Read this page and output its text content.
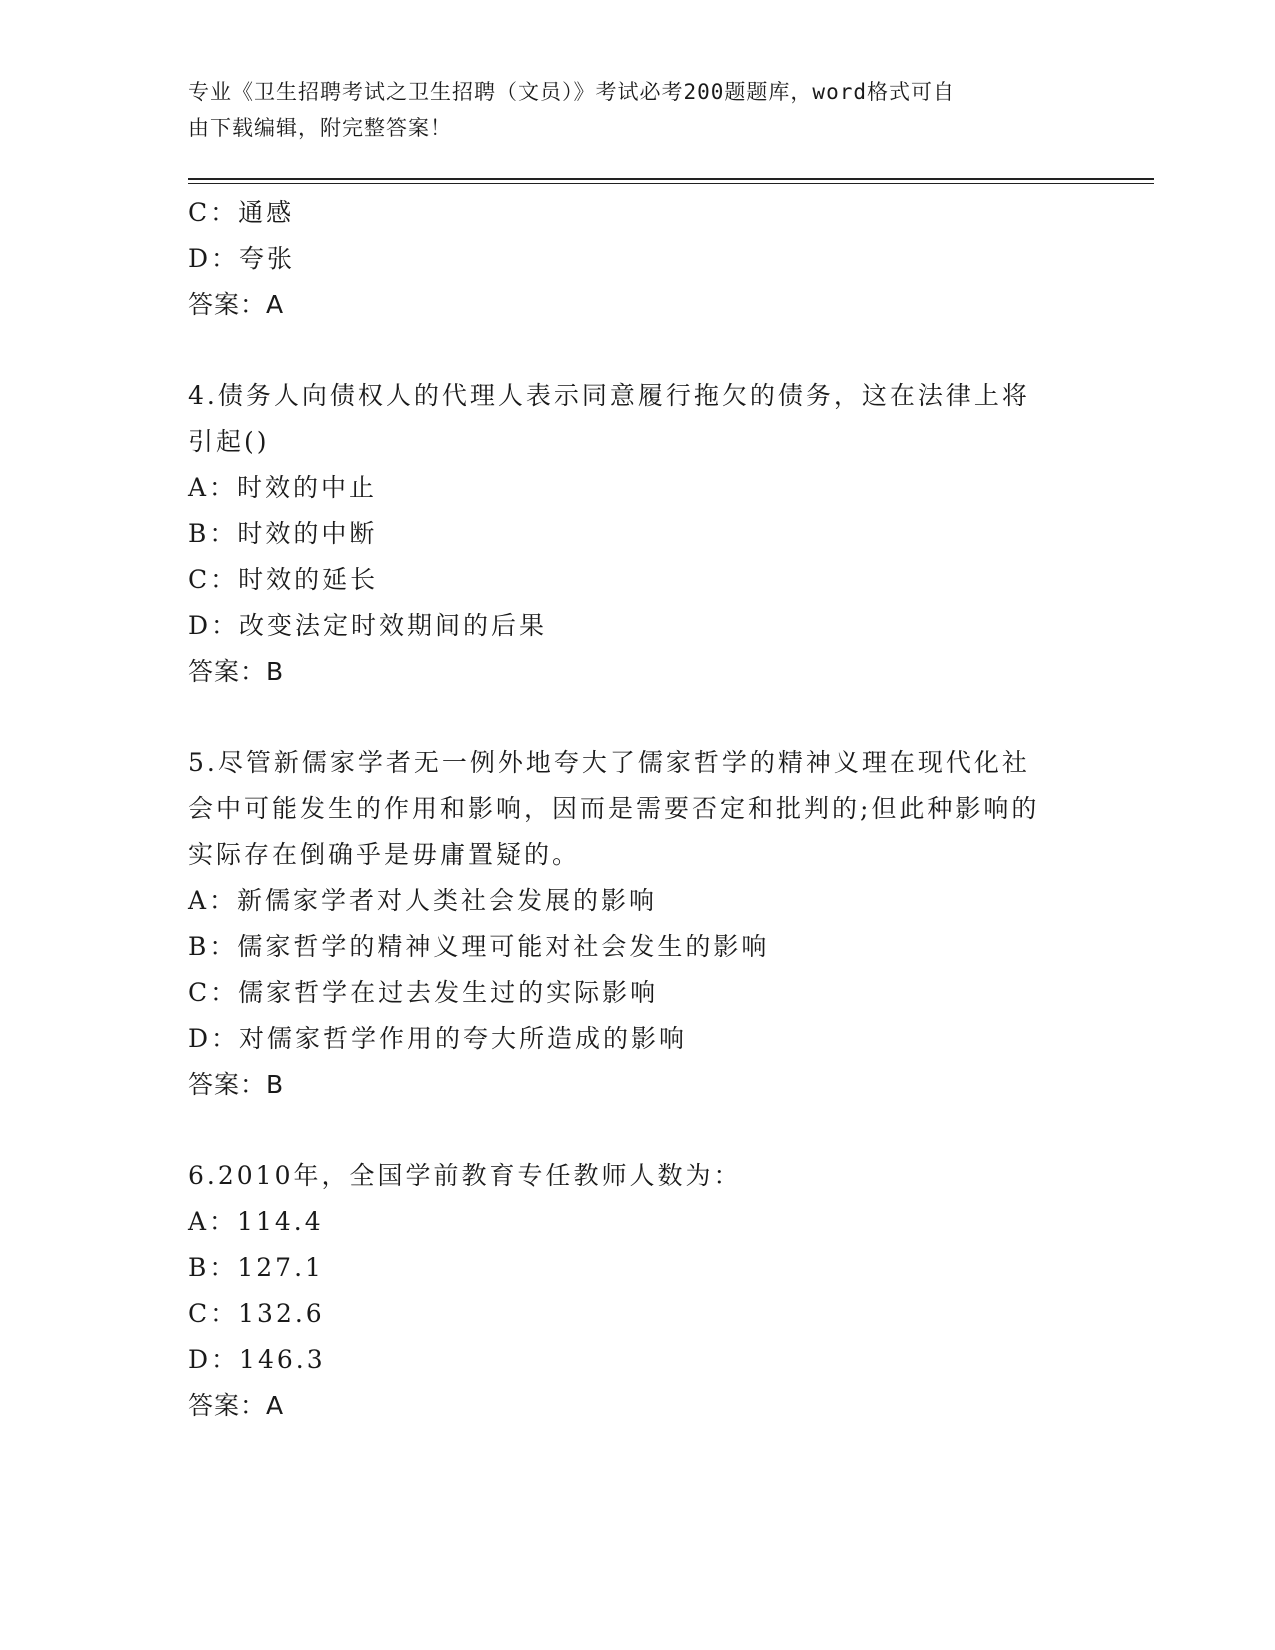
专业《卫生招聘考试之卫生招聘（文员）》考试必考200题题库，word格式可自
由下载编辑，附完整答案！
C：通感
D：夸张
答案：A
4.债务人向债权人的代理人表示同意履行拖欠的债务，这在法律上将
引起()
A：时效的中止
B：时效的中断
C：时效的延长
D：改变法定时效期间的后果
答案：B
5.尽管新儒家学者无一例外地夸大了儒家哲学的精神义理在现代化社
会中可能发生的作用和影响，因而是需要否定和批判的;但此种影响的
实际存在倒确乎是毋庸置疑的。
A：新儒家学者对人类社会发展的影响
B：儒家哲学的精神义理可能对社会发生的影响
C：儒家哲学在过去发生过的实际影响
D：对儒家哲学作用的夸大所造成的影响
答案：B
6.2010年，全国学前教育专任教师人数为：
A：114.4
B：127.1
C：132.6
D：146.3
答案：A
